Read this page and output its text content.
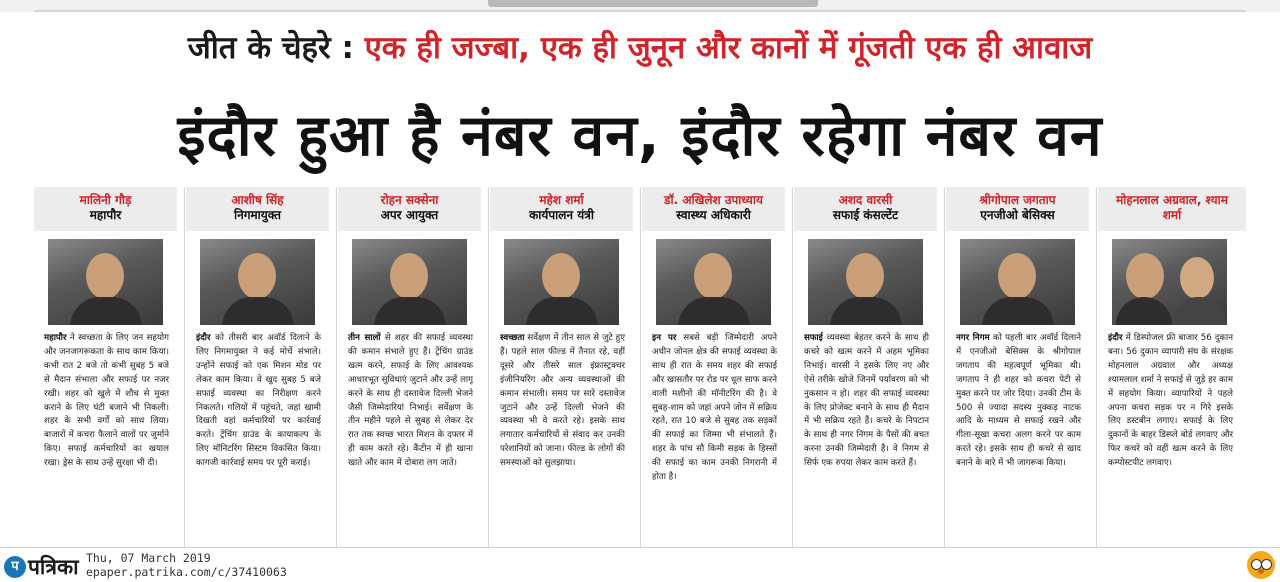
जीत के चेहरे : एक ही जज्बा, एक ही जुनून और कानों में गूंजती एक ही आवाज
इंदौर हुआ है नंबर वन, इंदौर रहेगा नंबर वन
मालिनी गौड़
महापौर
महापौर ने स्वच्छता के लिए जन सहयोग और जनजागरूकता के साथ काम किया। कभी रात 2 बजे तो कभी सुबह 5 बजे से मैदान संभाला और सफाई पर नजर रखी। शहर को खुले में शौच से मुक्त कराने के लिए घंटी बजाने भी निकली। शहर के सभी वर्गों को साथ लिया। बाजारों में कचरा फैलाने वालों पर जुर्माने किए। सफाई कर्मचारियों का खयाल रखा। ड्रेस के साथ उन्हें सुरक्षा भी दी।
आशीष सिंह
निगमायुक्त
इंदौर को तीसरी बार अवॉर्ड दिलाने के लिए निगमायुक्त ने कई मोर्चे संभाले। उन्होंने सफाई को एक मिशन मोड पर लेकर काम किया। वे खुद सुबह 5 बजे सफाई व्यवस्था का निरीक्षण करने निकलते। गलियों में पहुंचते, जहां खामी दिखती वहां कर्मचारियों पर कार्रवाई करते। ट्रेंचिंग ग्राउंड के कायाकल्प के लिए मॉनिटरिंग सिस्टम विकसित किया। कागजी कार्रवाई समय पर पूरी कराई।
रोहन सक्सेना
अपर आयुक्त
तीन सालों से शहर की सफाई व्यवस्था की कमान संभाले हुए हैं। ट्रेंचिंग ग्राउंड खत्म करने, सफाई के लिए आवश्यक आधारभूत सुविधाएं जुटाने और उन्हें लागू करने के साथ ही दस्तावेज दिल्ली भेजने जैसी जिम्मेदारियां निभाई। सर्वेक्षण के तीन महीने पहले से सुबह से लेकर देर रात तक स्वच्छ भारत मिशन के दफ्तर में ही काम करते रहे। कैंटीन में ही खाना खाते और काम में दोबारा लग जाते।
महेश शर्मा
कार्यपालन यंत्री
स्वच्छता सर्वेक्षण में तीन साल से जुटे हुए हैं। पहले साल फील्ड में तैनात रहे, वहीं दूसरे और तीसरे साल इंफ्रास्ट्रक्चर इंजीनियरिंग और अन्य व्यवस्थाओं की कमान संभाली। समय पर सारे दस्तावेज जुटाने और उन्हें दिल्ली भेजने की व्यवस्था भी वे करते रहे। इसके साथ लगातार कर्मचारियों से संवाद कर उनकी परेशानियों को जाना। फील्ड के लोगों की समस्याओं को सुलझाया।
डॉ. अखिलेश उपाध्याय
स्वास्थ्य अधिकारी
इन पर सबसे बड़ी जिम्मेदारी अपने अधीन जोनल क्षेत्र की सफाई व्यवस्था के साथ ही रात के समय शहर की सफाई और खासतौर पर रोड पर धूल साफ करने वाली मशीनों की मॉनीटरिंग की है। वे सुबह-शाम को जहां अपने जोन में सक्रिय रहते, रात 10 बजे से सुबह तक सड़कों की सफाई का जिम्मा भी संभालते हैं। शहर के पांच सौ किमी सड़क के हिस्सों की सफाई का काम उनकी निगरानी में होता है।
अशद वारसी
सफाई कंसल्टेंट
सफाई व्यवस्था बेहतर करने के साथ ही कचरे को खत्म करने में अहम भूमिका निभाई। वारसी ने इसके लिए नए और ऐसे तरीके खोजे जिनमें पर्यावरण को भी नुकसान न हो। शहर की सफाई व्यवस्था के लिए प्रोजेक्ट बनाने के साथ ही मैदान में भी सक्रिय रहते हैं। कचरे के निपटान के साथ ही नगर निगम के पैसों की बचत करना उनकी जिम्मेदारी है। वे निगम से सिर्फ एक रुपया लेकर काम करते हैं।
श्रीगोपाल जगताप
एनजीओ बेसिक्स
नगर निगम को पहली बार अवॉर्ड दिलाने में एनजीओ बेसिक्स के श्रीगोपाल जगताप की महत्वपूर्ण भूमिका थी। जगताप ने ही शहर को कचरा पेटी से मुक्त करने पर जोर दिया। उनकी टीम के 500 से ज्यादा सदस्य नुक्कड़ नाटक आदि के माध्यम से सफाई रखने और गीला-सूखा कचरा अलग करने पर काम करते रहे। इसके साथ ही कचरे से खाद बनाने के बारे में भी जागरूक किया।
मोहनलाल अग्रवाल, श्याम शर्मा
इंदौर में डिस्पोजल फ्री बाजार 56 दुकान बना। 56 दुकान व्यापारी संघ के संरक्षक मोहनलाल अग्रवाल और अध्यक्ष श्यामलाल शर्मा ने सफाई से जुड़े हर काम में सहयोग किया। व्यापारियों ने पहले अपना कचरा सड़क पर न गिरे इसके लिए डस्टबीन लगाए। सफाई के लिए दुकानों के बाहर डिस्प्ले बोर्ड लगवाए और फिर कचरे को वहीं खत्म करने के लिए कम्पोस्टपीट लगवाए।
प पत्रिका Thu, 07 March 2019
epaper.patrika.com/c/37410063
